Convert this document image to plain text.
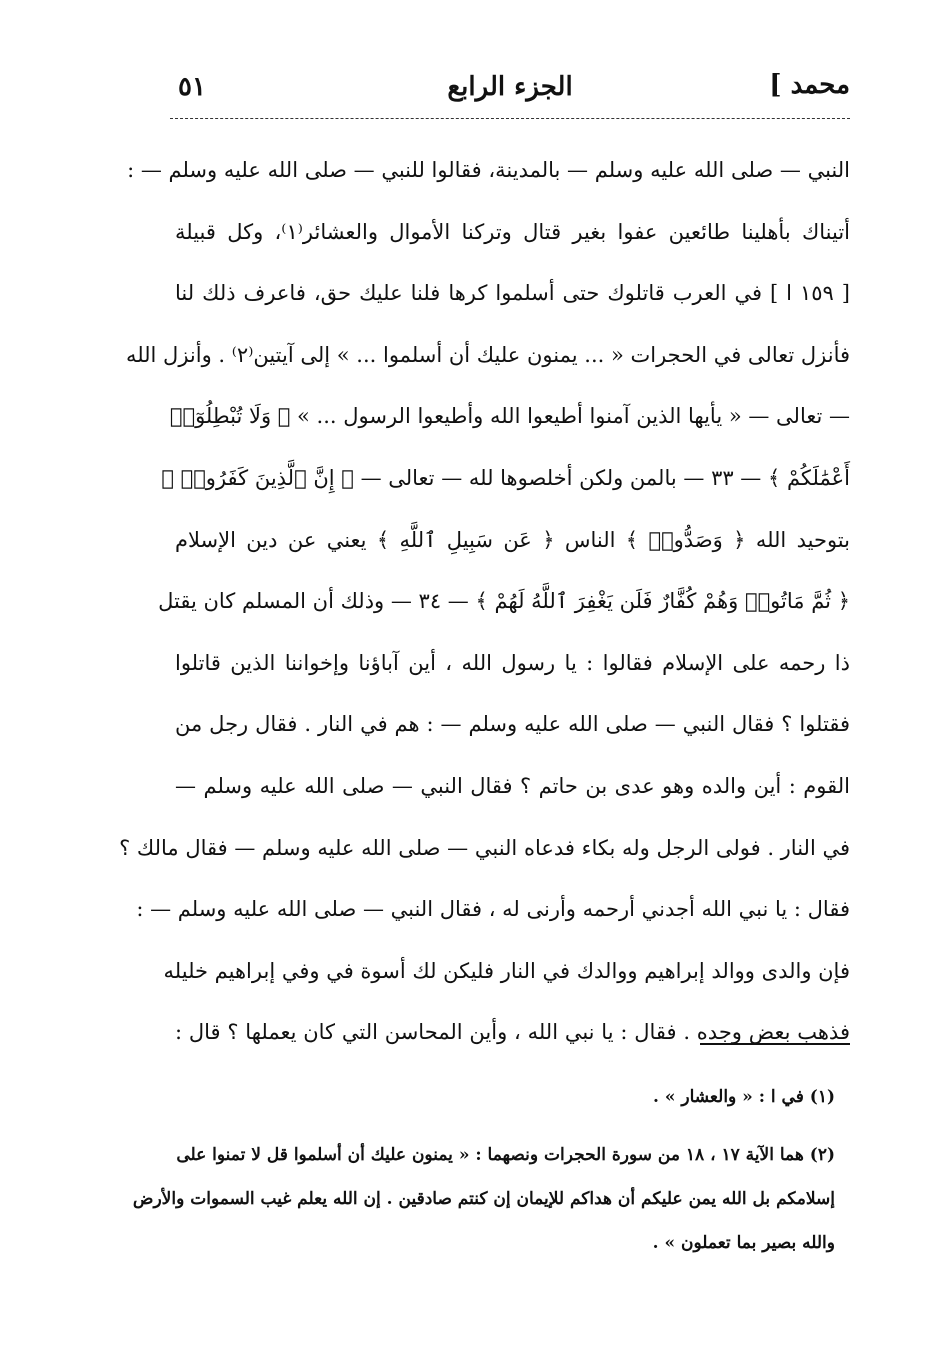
محمد ]
الجزء الرابع
٥١
النبي — صلى الله عليه وسلم — بالمدينة، فقالوا للنبي — صلى الله عليه وسلم — :
أتيناك بأهلينا طائعين عفوا بغير قتال وتركنا الأموال والعشائر⁽١⁾، وكل قبيلة
[ ١٥٩ ا ] في العرب قاتلوك حتى أسلموا كرها فلنا عليك حق، فاعرف ذلك لنا
فأنزل تعالى في الحجرات « ... يمنون عليك أن أسلموا ... » إلى آيتين⁽٢⁾ . وأنزل الله
— تعالى — « يأيها الذين آمنوا أطيعوا الله وأطيعوا الرسول ... » ﴿ وَلَا تُبْطِلُوٓا۟
أَعْمَٰلَكُمْ ﴾ — ٣٣ — بالمن ولكن أخلصوها لله — تعالى — ﴿ إِنَّ ٱلَّذِينَ كَفَرُوا۟ ﴾
بتوحيد الله ﴿ وَصَدُّوا۟ ﴾ الناس ﴿ عَن سَبِيلِ ٱللَّهِ ﴾ يعني عن دين الإسلام
﴿ ثُمَّ مَاتُوا۟ وَهُمْ كُفَّارٌ فَلَن يَغْفِرَ ٱللَّهُ لَهُمْ ﴾ — ٣٤ — وذلك أن المسلم كان يقتل
ذا رحمه على الإسلام فقالوا : يا رسول الله ، أين آباؤنا وإخواننا الذين قاتلوا
فقتلوا ؟ فقال النبي — صلى الله عليه وسلم — : هم في النار . فقال رجل من
القوم : أين والده وهو عدى بن حاتم ؟ فقال النبي — صلى الله عليه وسلم —
في النار . فولى الرجل وله بكاء فدعاه النبي — صلى الله عليه وسلم — فقال مالك ؟
فقال : يا نبي الله أجدني أرحمه وأرنى له ، فقال النبي — صلى الله عليه وسلم — :
فإن والدى ووالد إبراهيم ووالدك في النار فليكن لك أسوة في وفي إبراهيم خليله
فذهب بعض وجده . فقال : يا نبي الله ، وأين المحاسن التي كان يعملها ؟ قال :
(١) في ا : « والعشار » .
(٢) هما الآية ١٧ ، ١٨ من سورة الحجرات ونصهما : « يمنون عليك أن أسلموا قل لا تمنوا على
إسلامكم بل الله يمن عليكم أن هداكم للإيمان إن كنتم صادقين . إن الله يعلم غيب السموات والأرض
والله بصير بما تعملون » .
